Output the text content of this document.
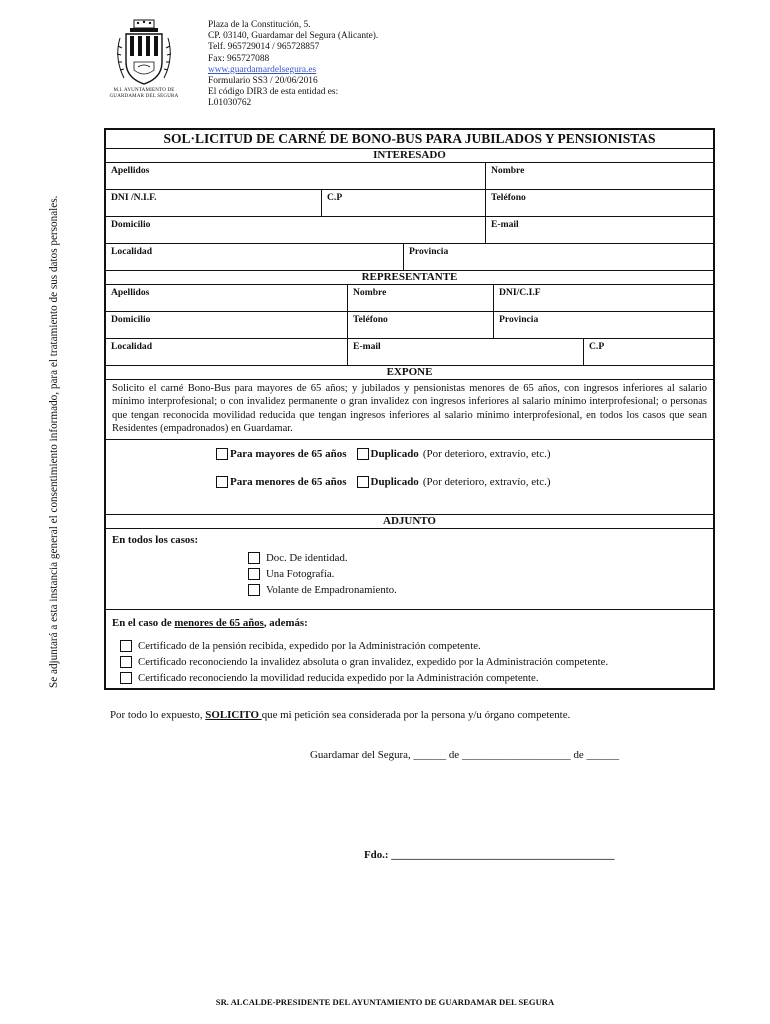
Se adjuntará a esta instancia general el consentimiento informado, para el tratamiento de sus datos personales.
M.I. AYUNTAMIENTO DE GUARDAMAR DEL SEGURA
Plaza de la Constitución, 5.
CP. 03140, Guardamar del Segura (Alicante).
Telf. 965729014 / 965728857
Fax: 965727088
www.guardamardelsegura.es
Formulario SS3 / 20/06/2016
El código DIR3 de esta entidad es:
L01030762
SOL·LICITUD DE CARNÉ DE BONO-BUS PARA JUBILADOS Y PENSIONISTAS
INTERESADO
Apellidos	Nombre
DNI /N.I.F.	C.P	Teléfono
Domicilio	E-mail
Localidad	Provincia
REPRESENTANTE
Apellidos	Nombre	DNI/C.I.F
Domicilio	Teléfono	Provincia
Localidad	E-mail	C.P
EXPONE
Solicito el carné Bono-Bus para mayores de 65 años; y jubilados y pensionistas menores de 65 años, con ingresos inferiores al salario mínimo interprofesional; o con invalidez permanente o gran invalidez con ingresos inferiores al salario mínimo interprofesional; o personas que tengan reconocida movilidad reducida que tengan ingresos inferiores al salario mínimo interprofesional, en todos los casos que sean Residentes (empadronados) en Guardamar.
Para mayores de 65 años Duplicado (Por deterioro, extravío, etc.)
Para menores de 65 años Duplicado (Por deterioro, extravío, etc.)
ADJUNTO
En todos los casos:
Doc. De identidad.
Una Fotografía.
Volante de Empadronamiento.
En el caso de menores de 65 años, además:
Certificado de la pensión recibida, expedido por la Administración competente.
Certificado reconociendo la invalidez absoluta o gran invalidez, expedido por la Administración competente.
Certificado reconociendo la movilidad reducida expedido por la Administración competente.
Por todo lo expuesto, SOLICITO que mi petición sea considerada por la persona y/u órgano competente.
Guardamar del Segura, ______ de ____________________ de ______
Fdo.: _________________________________________
SR. ALCALDE-PRESIDENTE DEL AYUNTAMIENTO DE GUARDAMAR DEL SEGURA
